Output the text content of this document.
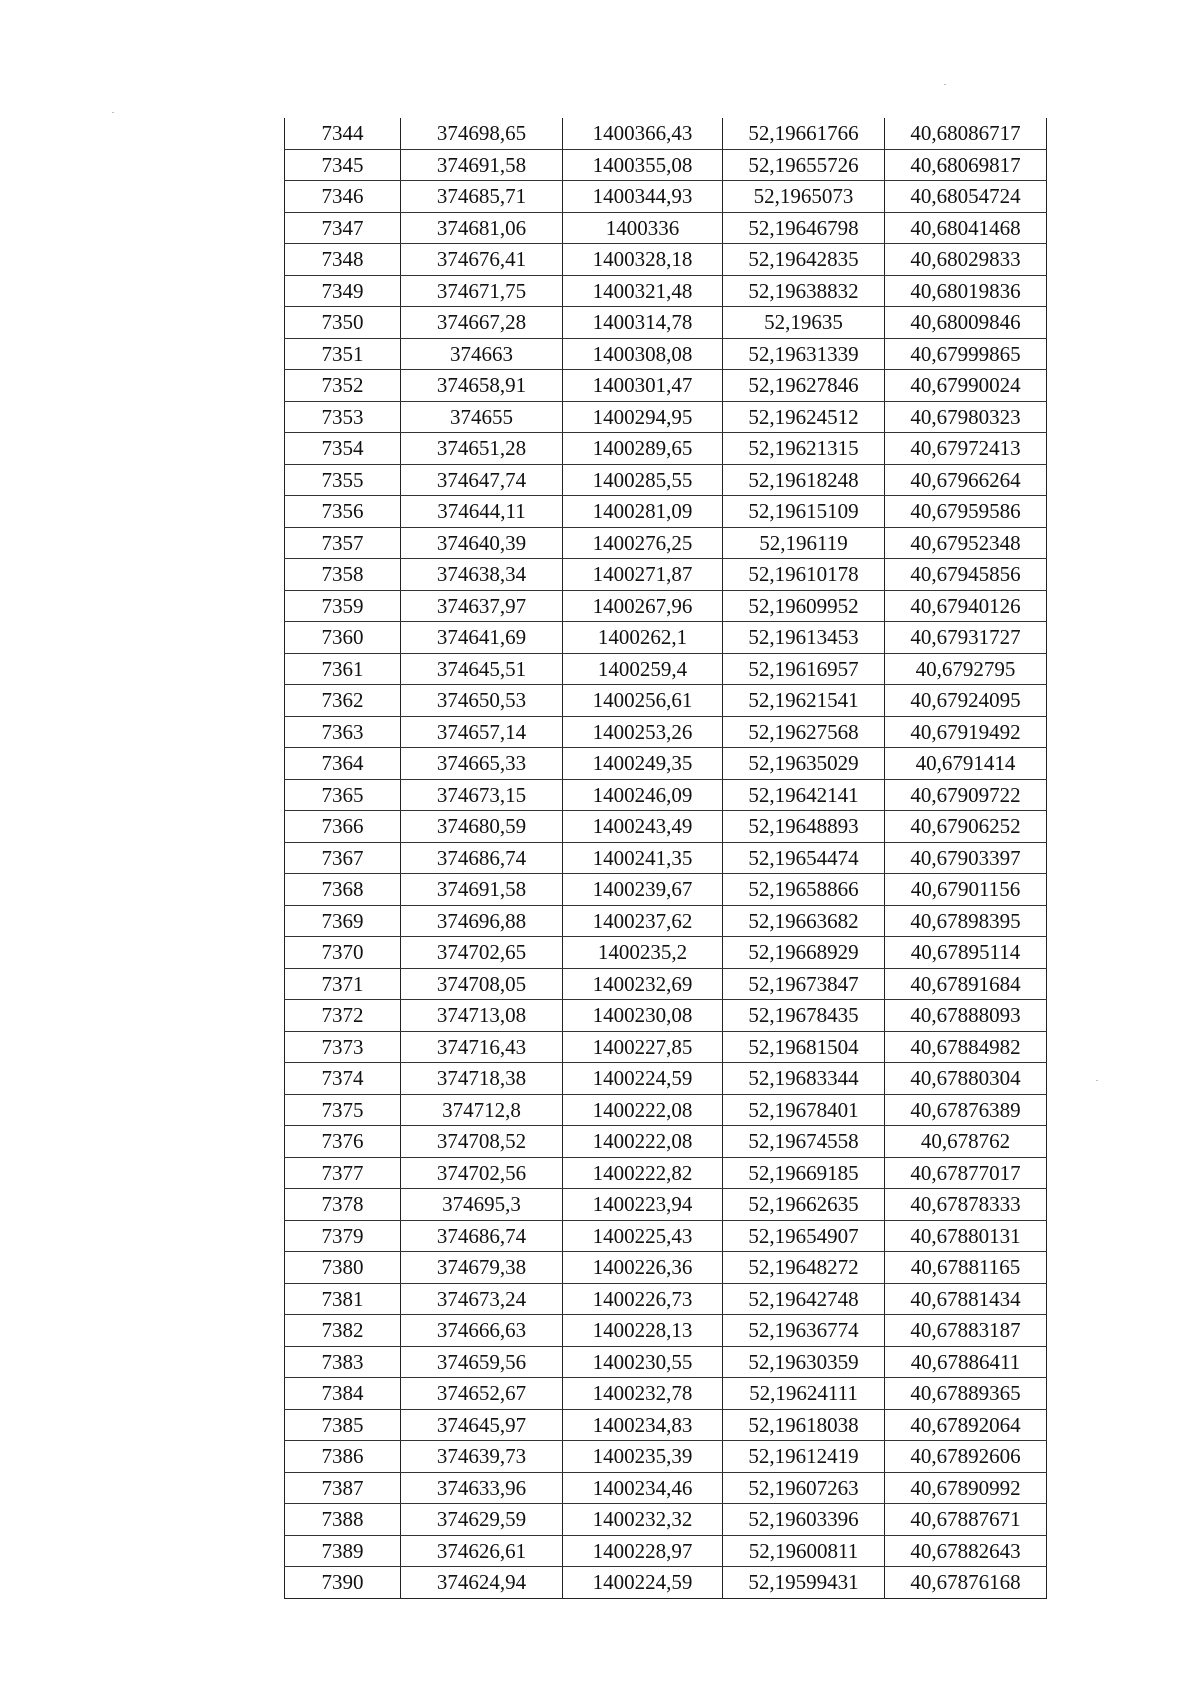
7344	374698,65	1400366,43	52,19661766	40,68086717
7345	374691,58	1400355,08	52,19655726	40,68069817
7346	374685,71	1400344,93	52,1965073	40,68054724
7347	374681,06	1400336	52,19646798	40,68041468
7348	374676,41	1400328,18	52,19642835	40,68029833
7349	374671,75	1400321,48	52,19638832	40,68019836
7350	374667,28	1400314,78	52,19635	40,68009846
7351	374663	1400308,08	52,19631339	40,67999865
7352	374658,91	1400301,47	52,19627846	40,67990024
7353	374655	1400294,95	52,19624512	40,67980323
7354	374651,28	1400289,65	52,19621315	40,67972413
7355	374647,74	1400285,55	52,19618248	40,67966264
7356	374644,11	1400281,09	52,19615109	40,67959586
7357	374640,39	1400276,25	52,196119	40,67952348
7358	374638,34	1400271,87	52,19610178	40,67945856
7359	374637,97	1400267,96	52,19609952	40,67940126
7360	374641,69	1400262,1	52,19613453	40,67931727
7361	374645,51	1400259,4	52,19616957	40,6792795
7362	374650,53	1400256,61	52,19621541	40,67924095
7363	374657,14	1400253,26	52,19627568	40,67919492
7364	374665,33	1400249,35	52,19635029	40,6791414
7365	374673,15	1400246,09	52,19642141	40,67909722
7366	374680,59	1400243,49	52,19648893	40,67906252
7367	374686,74	1400241,35	52,19654474	40,67903397
7368	374691,58	1400239,67	52,19658866	40,67901156
7369	374696,88	1400237,62	52,19663682	40,67898395
7370	374702,65	1400235,2	52,19668929	40,67895114
7371	374708,05	1400232,69	52,19673847	40,67891684
7372	374713,08	1400230,08	52,19678435	40,67888093
7373	374716,43	1400227,85	52,19681504	40,67884982
7374	374718,38	1400224,59	52,19683344	40,67880304
7375	374712,8	1400222,08	52,19678401	40,67876389
7376	374708,52	1400222,08	52,19674558	40,678762
7377	374702,56	1400222,82	52,19669185	40,67877017
7378	374695,3	1400223,94	52,19662635	40,67878333
7379	374686,74	1400225,43	52,19654907	40,67880131
7380	374679,38	1400226,36	52,19648272	40,67881165
7381	374673,24	1400226,73	52,19642748	40,67881434
7382	374666,63	1400228,13	52,19636774	40,67883187
7383	374659,56	1400230,55	52,19630359	40,67886411
7384	374652,67	1400232,78	52,19624111	40,67889365
7385	374645,97	1400234,83	52,19618038	40,67892064
7386	374639,73	1400235,39	52,19612419	40,67892606
7387	374633,96	1400234,46	52,19607263	40,67890992
7388	374629,59	1400232,32	52,19603396	40,67887671
7389	374626,61	1400228,97	52,19600811	40,67882643
7390	374624,94	1400224,59	52,19599431	40,67876168
